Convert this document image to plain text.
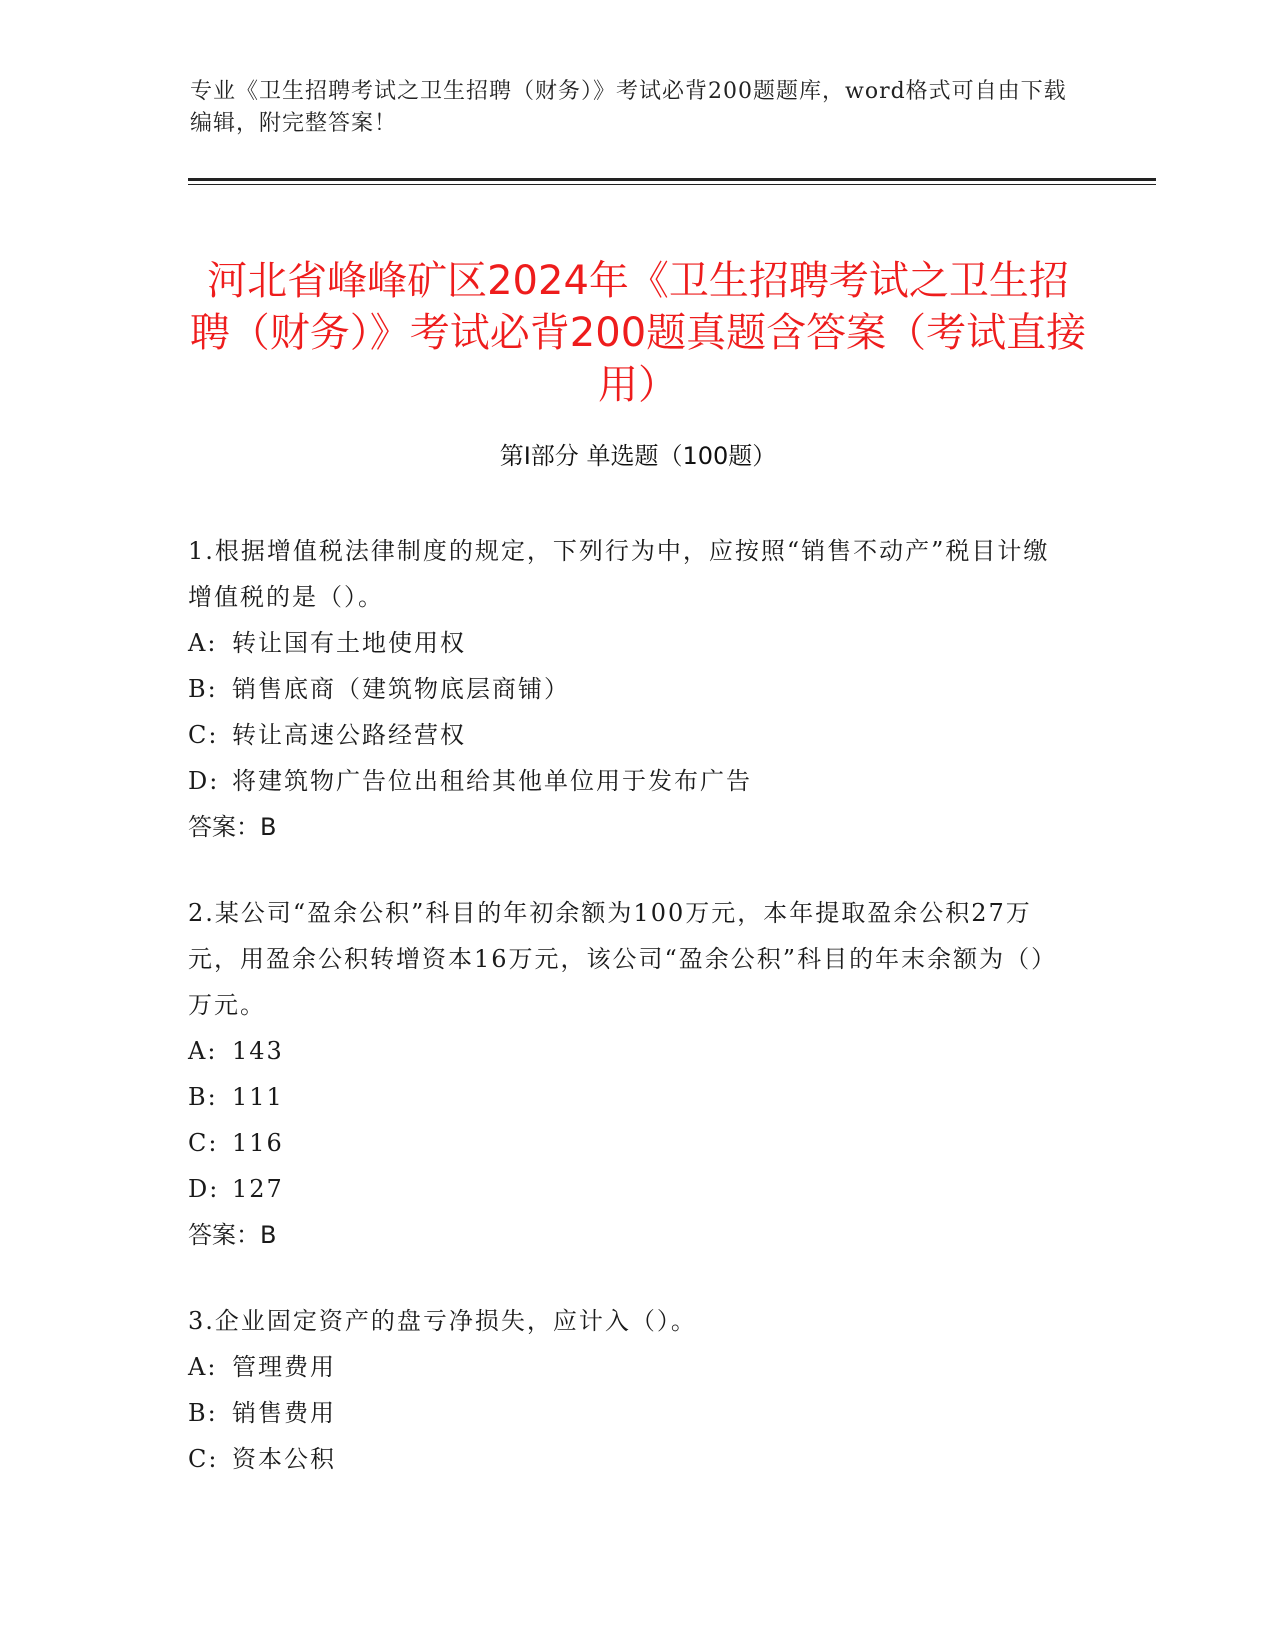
专业《卫生招聘考试之卫生招聘（财务）》考试必背200题题库，word格式可自由下载编辑，附完整答案！
河北省峰峰矿区2024年《卫生招聘考试之卫生招聘（财务）》考试必背200题真题含答案（考试直接用）
第Ⅰ部分 单选题（100题）

1.根据增值税法律制度的规定，下列行为中，应按照“销售不动产”税目计缴增值税的是（）。

A: 转让国有土地使用权
B: 销售底商（建筑物底层商铺）
C: 转让高速公路经营权
D: 将建筑物广告位出租给其他单位用于发布广告

答案：B

2.某公司“盈余公积”科目的年初余额为100万元，本年提取盈余公积27万元，用盈余公积转增资本16万元，该公司“盈余公积”科目的年末余额为（）万元。

A: 143
B: 111
C: 116
D: 127

答案：B

3.企业固定资产的盘亏净损失，应计入（）。

A: 管理费用
B: 销售费用
C: 资本公积
